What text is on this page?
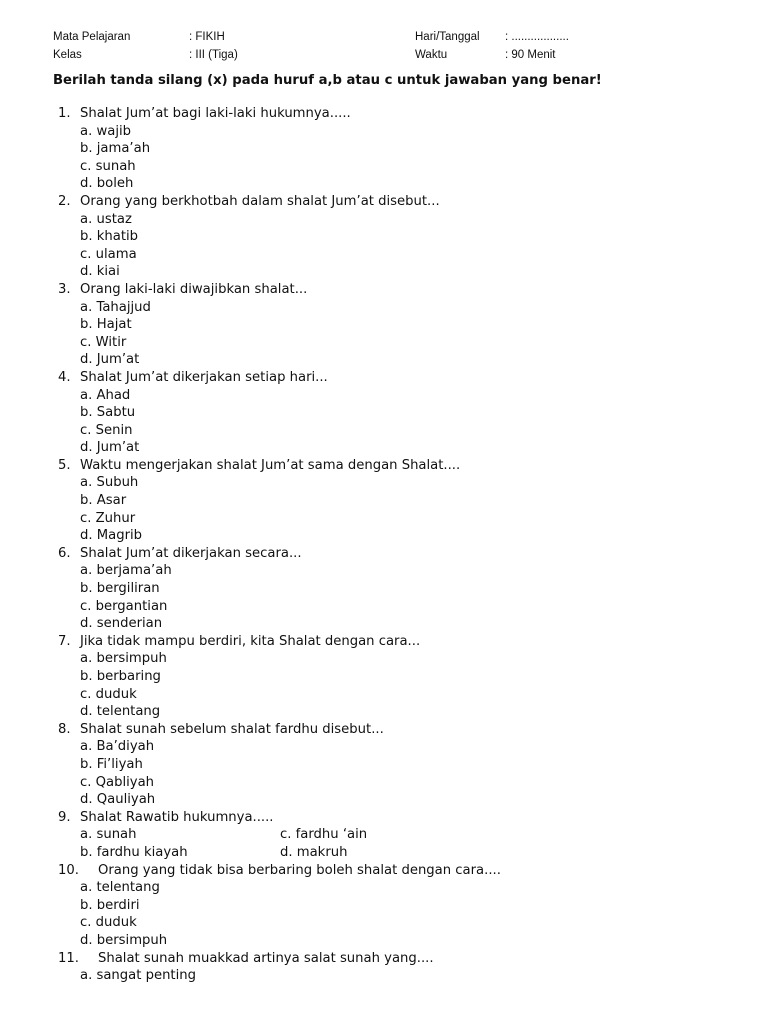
Mata Pelajaran	: FIKIH	Hari/Tanggal : ..................
Kelas	: III (Tiga)	Waktu	: 90 Menit
Berilah tanda silang (x) pada huruf a,b atau c untuk jawaban yang benar!
1. Shalat Jum’at bagi laki-laki hukumnya.....
a. wajib
b. jama’ah
c. sunah
d. boleh
2. Orang yang berkhotbah dalam shalat Jum’at disebut...
a. ustaz
b. khatib
c. ulama
d. kiai
3. Orang laki-laki diwajibkan shalat...
a. Tahajjud
b. Hajat
c. Witir
d. Jum’at
4. Shalat Jum’at dikerjakan setiap hari...
a. Ahad
b. Sabtu
c. Senin
d. Jum’at
5. Waktu mengerjakan shalat Jum’at sama dengan Shalat....
a. Subuh
b. Asar
c. Zuhur
d. Magrib
6. Shalat Jum’at dikerjakan secara...
a. berjama’ah
b. bergiliran
c. bergantian
d. senderian
7. Jika tidak mampu berdiri, kita Shalat dengan cara...
a. bersimpuh
b. berbaring
c. duduk
d. telentang
8. Shalat sunah sebelum shalat fardhu disebut...
a. Ba’diyah
b. Fi’liyah
c. Qabliyah
d. Qauliyah
9. Shalat Rawatib hukumnya.....
a. sunah	c. fardhu ‘ain
b. fardhu kiayah	d. makruh
10. Orang yang tidak bisa berbaring boleh shalat dengan cara....
a. telentang
b. berdiri
c. duduk
d. bersimpuh
11. Shalat sunah muakkad artinya salat sunah yang....
a. sangat penting
